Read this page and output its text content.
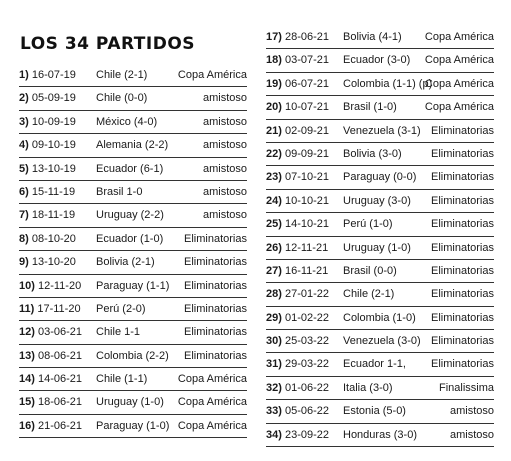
LOS 34 PARTIDOS
1) 16-07-19 Chile (2-1)	Copa América
2) 05-09-19 Chile (0-0)	amistoso
3) 10-09-19 México (4-0)	amistoso
4) 09-10-19 Alemania (2-2)	amistoso
5) 13-10-19 Ecuador (6-1)	amistoso
6) 15-11-19 Brasil 1-0	amistoso
7) 18-11-19 Uruguay (2-2)	amistoso
8) 08-10-20 Ecuador (1-0) Eliminatorias
9) 13-10-20 Bolivia (2-1)	Eliminatorias
10) 12-11-20 Paraguay (1-1) Eliminatorias
11) 17-11-20 Perú (2-0)	Eliminatorias
12) 03-06-21 Chile 1-1	Eliminatorias
13) 08-06-21 Colombia (2-2) Eliminatorias
14) 14-06-21 Chile (1-1)	Copa América
15) 18-06-21 Uruguay (1-0) Copa América
16) 21-06-21 Paraguay (1-0) Copa América
17) 28-06-21 Bolivia (4-1) Copa América
18) 03-07-21 Ecuador (3-0) Copa América
19) 06-07-21 Colombia (1-1) (p)
Copa América
20) 10-07-21 Brasil (1-0)	Copa América
21) 02-09-21 Venezuela (3-1) Eliminatorias
22) 09-09-21 Bolivia (3-0)	Eliminatorias
23) 07-10-21 Paraguay (0-0) Eliminatorias
24) 10-10-21 Uruguay (3-0) Eliminatorias
25) 14-10-21 Perú (1-0)	Eliminatorias
26) 12-11-21 Uruguay (1-0) Eliminatorias
27) 16-11-21 Brasil (0-0)	Eliminatorias
28) 27-01-22 Chile (2-1)	Eliminatorias
29) 01-02-22 Colombia (1-0) Eliminatorias
30) 25-03-22 Venezuela (3-0) Eliminatorias
31) 29-03-22 Ecuador 1-1, Eliminatorias
32) 01-06-22 Italia (3-0)	Finalissima
33) 05-06-22 Estonia (5-0)	amistoso
34) 23-09-22 Honduras (3-0)	amistoso
